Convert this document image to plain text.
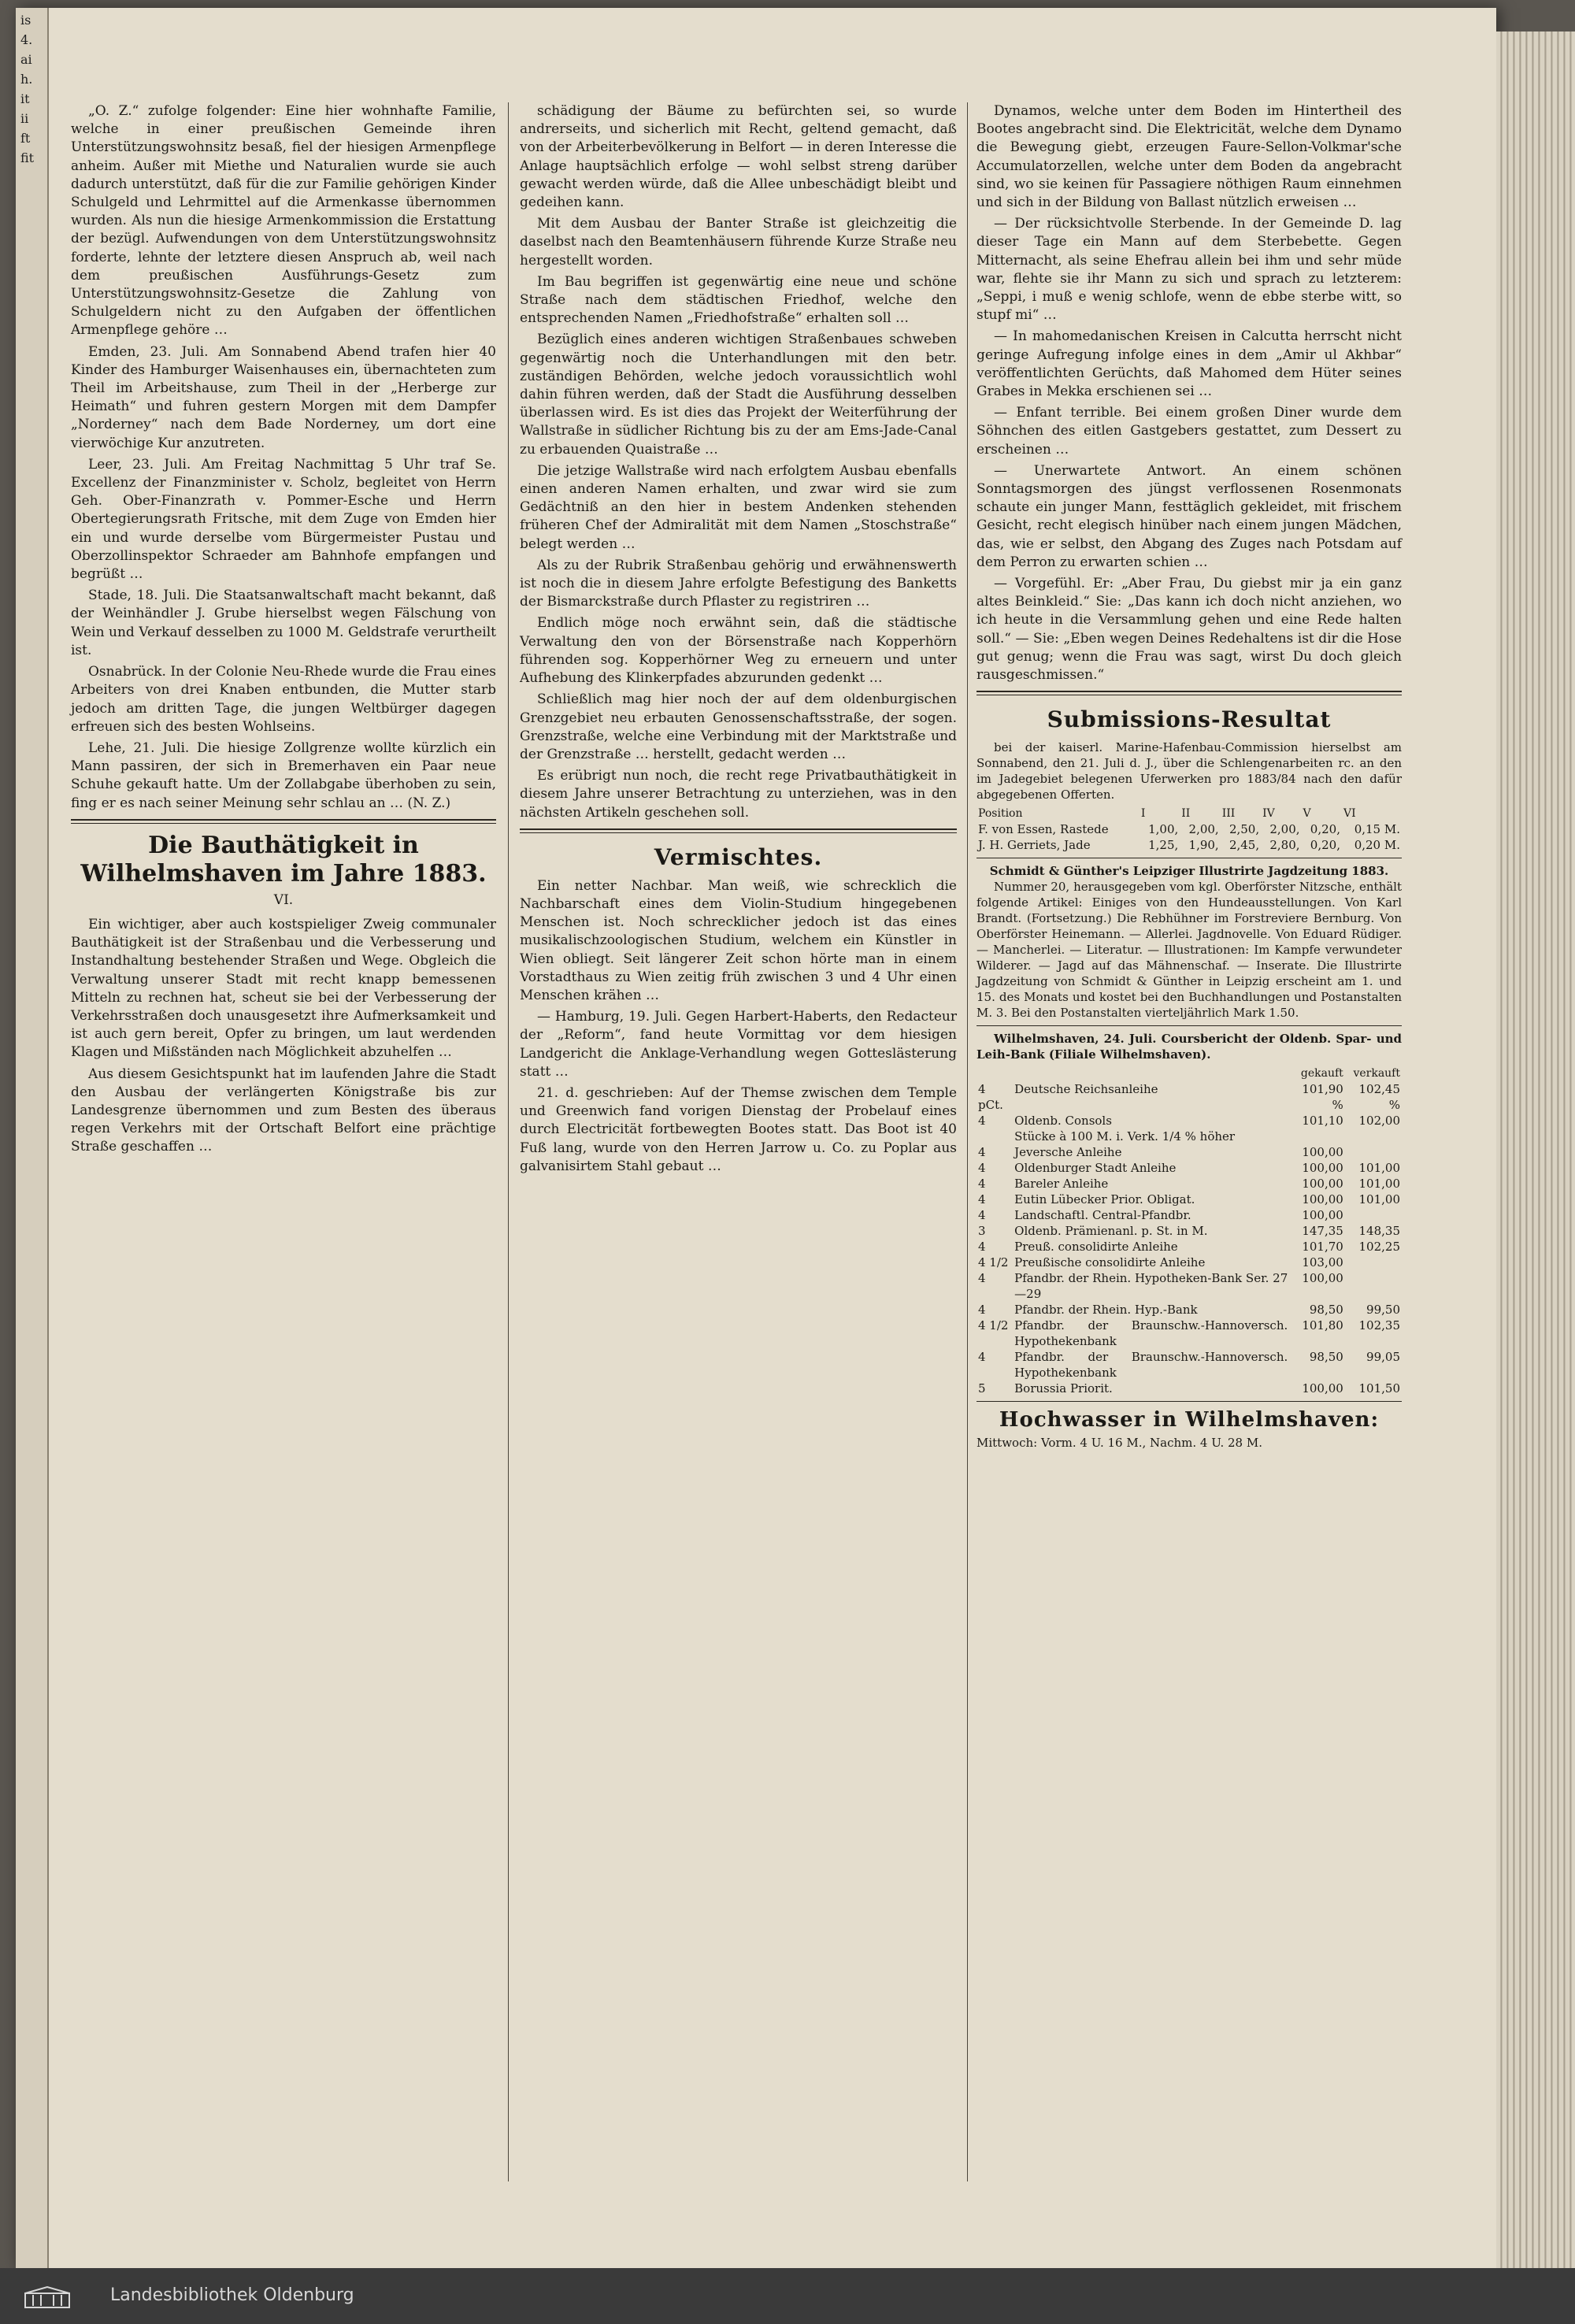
is
4.
ai
h.
it
ii
ft
fit

„O. Z.“ zufolge folgender: Eine hier wohnhafte Familie, welche in einer preußischen Gemeinde ihren Unterstützungswohnsitz besaß, fiel der hiesigen Armenpflege anheim. Außer mit Miethe und Naturalien wurde sie auch dadurch unterstützt, daß für die zur Familie gehörigen Kinder Schulgeld und Lehrmittel auf die Armenkasse übernommen wurden. Als nun die hiesige Armenkommission die Erstattung der bezügl. Aufwendungen von dem Unterstützungswohnsitz forderte, lehnte der letztere diesen Anspruch ab, weil nach dem preußischen Ausführungs-Gesetz zum Unterstützungswohnsitz-Gesetze die Zahlung von Schulgeldern nicht zu den Aufgaben der öffentlichen Armenpflege gehöre …

Emden, 23. Juli. Am Sonnabend Abend trafen hier 40 Kinder des Hamburger Waisenhauses ein, übernachteten zum Theil im Arbeitshause, zum Theil in der „Herberge zur Heimath“ und fuhren gestern Morgen mit dem Dampfer „Norderney“ nach dem Bade Norderney, um dort eine vierwöchige Kur anzutreten.

Leer, 23. Juli. Am Freitag Nachmittag 5 Uhr traf Se. Excellenz der Finanzminister v. Scholz, begleitet von Herrn Geh. Ober-Finanzrath v. Pommer-Esche und Herrn Obertegierungsrath Fritsche, mit dem Zuge von Emden hier ein und wurde derselbe vom Bürgermeister Pustau und Oberzollinspektor Schraeder am Bahnhofe empfangen und begrüßt …

Stade, 18. Juli. Die Staatsanwaltschaft macht bekannt, daß der Weinhändler J. Grube hierselbst wegen Fälschung von Wein und Verkauf desselben zu 1000 M. Geldstrafe verurtheilt ist.

Osnabrück. In der Colonie Neu-Rhede wurde die Frau eines Arbeiters von drei Knaben entbunden, die Mutter starb jedoch am dritten Tage, die jungen Weltbürger dagegen erfreuen sich des besten Wohlseins.

Lehe, 21. Juli. Die hiesige Zollgrenze wollte kürzlich ein Mann passiren, der sich in Bremerhaven ein Paar neue Schuhe gekauft hatte. Um der Zollabgabe überhoben zu sein, fing er es nach seiner Meinung sehr schlau an … (N. Z.)

Die Bauthätigkeit in Wilhelmshaven im Jahre 1883.
VI.

Ein wichtiger, aber auch kostspieliger Zweig communaler Bauthätigkeit ist der Straßenbau und die Verbesserung und Instandhaltung bestehender Straßen und Wege. Obgleich die Verwaltung unserer Stadt mit recht knapp bemessenen Mitteln zu rechnen hat, scheut sie bei der Verbesserung der Verkehrsstraßen doch unausgesetzt ihre Aufmerksamkeit und ist auch gern bereit, Opfer zu bringen, um laut werdenden Klagen und Mißständen nach Möglichkeit abzuhelfen …

Aus diesem Gesichtspunkt hat im laufenden Jahre die Stadt den Ausbau der verlängerten Königstraße bis zur Landesgrenze übernommen und zum Besten des überaus regen Verkehrs mit der Ortschaft Belfort eine prächtige Straße geschaffen …

schädigung der Bäume zu befürchten sei, so wurde andrerseits, und sicherlich mit Recht, geltend gemacht, daß von der Arbeiterbevölkerung in Belfort — in deren Interesse die Anlage hauptsächlich erfolge — wohl selbst streng darüber gewacht werden würde, daß die Allee unbeschädigt bleibt und gedeihen kann.

Mit dem Ausbau der Banter Straße ist gleichzeitig die daselbst nach den Beamtenhäusern führende Kurze Straße neu hergestellt worden.

Im Bau begriffen ist gegenwärtig eine neue und schöne Straße nach dem städtischen Friedhof, welche den entsprechenden Namen „Friedhofstraße“ erhalten soll …

Bezüglich eines anderen wichtigen Straßenbaues schweben gegenwärtig noch die Unterhandlungen mit den betr. zuständigen Behörden, welche jedoch voraussichtlich wohl dahin führen werden, daß der Stadt die Ausführung desselben überlassen wird. Es ist dies das Projekt der Weiterführung der Wallstraße in südlicher Richtung bis zu der am Ems-Jade-Canal zu erbauenden Quaistraße …

Die jetzige Wallstraße wird nach erfolgtem Ausbau ebenfalls einen anderen Namen erhalten, und zwar wird sie zum Gedächtniß an den hier in bestem Andenken stehenden früheren Chef der Admiralität mit dem Namen „Stoschstraße“ belegt werden …

Als zu der Rubrik Straßenbau gehörig und erwähnenswerth ist noch die in diesem Jahre erfolgte Befestigung des Banketts der Bismarckstraße durch Pflaster zu registriren …

Endlich möge noch erwähnt sein, daß die städtische Verwaltung den von der Börsenstraße nach Kopperhörn führenden sog. Kopperhörner Weg zu erneuern und unter Aufhebung des Klinkerpfades abzurunden gedenkt …

Schließlich mag hier noch der auf dem oldenburgischen Grenzgebiet neu erbauten Genossenschaftsstraße, der sogen. Grenzstraße, welche eine Verbindung mit der Marktstraße und der Grenzstraße … herstellt, gedacht werden …

Es erübrigt nun noch, die recht rege Privatbauthätigkeit in diesem Jahre unserer Betrachtung zu unterziehen, was in den nächsten Artikeln geschehen soll.

Vermischtes.

Ein netter Nachbar. Man weiß, wie schrecklich die Nachbarschaft eines dem Violin-Studium hingegebenen Menschen ist. Noch schrecklicher jedoch ist das eines musikalischzoologischen Studium, welchem ein Künstler in Wien obliegt. Seit längerer Zeit schon hörte man in einem Vorstadthaus zu Wien zeitig früh zwischen 3 und 4 Uhr einen Menschen krähen …

— Hamburg, 19. Juli. Gegen Harbert-Haberts, den Redacteur der „Reform“, fand heute Vormittag vor dem hiesigen Landgericht die Anklage-Verhandlung wegen Gotteslästerung statt …

21. d. geschrieben: Auf der Themse zwischen dem Temple und Greenwich fand vorigen Dienstag der Probelauf eines durch Electricität fortbewegten Bootes statt. Das Boot ist 40 Fuß lang, wurde von den Herren Jarrow u. Co. zu Poplar aus galvanisirtem Stahl gebaut …

Dynamos, welche unter dem Boden im Hintertheil des Bootes angebracht sind. Die Elektricität, welche dem Dynamo die Bewegung giebt, erzeugen Faure-Sellon-Volkmar'sche Accumulatorzellen, welche unter dem Boden da angebracht sind, wo sie keinen für Passagiere nöthigen Raum einnehmen und sich in der Bildung von Ballast nützlich erweisen …

— Der rücksichtvolle Sterbende. In der Gemeinde D. lag dieser Tage ein Mann auf dem Sterbebette. Gegen Mitternacht, als seine Ehefrau allein bei ihm und sehr müde war, flehte sie ihr Mann zu sich und sprach zu letzterem: „Seppi, i muß e wenig schlofe, wenn de ebbe sterbe witt, so stupf mi“ …

— In mahomedanischen Kreisen in Calcutta herrscht nicht geringe Aufregung infolge eines in dem „Amir ul Akhbar“ veröffentlichten Gerüchts, daß Mahomed dem Hüter seines Grabes in Mekka erschienen sei …

— Enfant terrible. Bei einem großen Diner wurde dem Söhnchen des eitlen Gastgebers gestattet, zum Dessert zu erscheinen …

— Unerwartete Antwort. An einem schönen Sonntagsmorgen des jüngst verflossenen Rosenmonats schaute ein junger Mann, festtäglich gekleidet, mit frischem Gesicht, recht elegisch hinüber nach einem jungen Mädchen, das, wie er selbst, den Abgang des Zuges nach Potsdam auf dem Perron zu erwarten schien …

— Vorgefühl. Er: „Aber Frau, Du giebst mir ja ein ganz altes Beinkleid.“ Sie: „Das kann ich doch nicht anziehen, wo ich heute in die Versammlung gehen und eine Rede halten soll.“ — Sie: „Eben wegen Deines Redehaltens ist dir die Hose gut genug; wenn die Frau was sagt, wirst Du doch gleich rausgeschmissen.“

Submissions-Resultat

bei der kaiserl. Marine-Hafenbau-Commission hierselbst am Sonnabend, den 21. Juli d. J., über die Schlengenarbeiten rc. an den im Jadegebiet belegenen Uferwerken pro 1883/84 nach den dafür abgegebenen Offerten.

Position	I	II	III	IV	V	VI
F. von Essen, Rastede	1,00,	2,00,	2,50,	2,00,	0,20,	0,15 M.
J. H. Gerriets, Jade	1,25,	1,90,	2,45,	2,80,	0,20,	0,20 M.
Schmidt & Günther's Leipziger Illustrirte Jagdzeitung 1883.

Nummer 20, herausgegeben vom kgl. Oberförster Nitzsche, enthält folgende Artikel: Einiges von den Hundeausstellungen. Von Karl Brandt. (Fortsetzung.) Die Rebhühner im Forstreviere Bernburg. Von Oberförster Heinemann. — Allerlei. Jagdnovelle. Von Eduard Rüdiger. — Mancherlei. — Literatur. — Illustrationen: Im Kampfe verwundeter Wilderer. — Jagd auf das Mähnenschaf. — Inserate. Die Illustrirte Jagdzeitung von Schmidt & Günther in Leipzig erscheint am 1. und 15. des Monats und kostet bei den Buchhandlungen und Postanstalten M. 3. Bei den Postanstalten vierteljährlich Mark 1.50.

Wilhelmshaven, 24. Juli. Coursbericht der Oldenb. Spar- und Leih-Bank (Filiale Wilhelmshaven).

		gekauft	verkauft
4 pCt.	Deutsche Reichsanleihe	101,90 %	102,45 %
4	Oldenb. Consols	101,10	102,00
	Stücke à 100 M. i. Verk. 1/4 % höher		
4	Jeversche Anleihe	100,00	
4	Oldenburger Stadt Anleihe	100,00	101,00
4	Bareler Anleihe	100,00	101,00
4	Eutin Lübecker Prior. Obligat.	100,00	101,00
4	Landschaftl. Central-Pfandbr.	100,00	
3	Oldenb. Prämienanl. p. St. in M.	147,35	148,35
4	Preuß. consolidirte Anleihe	101,70	102,25
4 1/2	Preußische consolidirte Anleihe	103,00	
4	Pfandbr. der Rhein. Hypotheken-Bank Ser. 27—29	100,00	
4	Pfandbr. der Rhein. Hyp.-Bank	98,50	99,50
4 1/2	Pfandbr. der Braunschw.-Hannoversch. Hypothekenbank	101,80	102,35
4	Pfandbr. der Braunschw.-Hannoversch. Hypothekenbank	98,50	99,05
5	Borussia Priorit.	100,00	101,50
Hochwasser in Wilhelmshaven:

Mittwoch: Vorm. 4 U. 16 M., Nachm. 4 U. 28 M.

Landesbibliothek Oldenburg
